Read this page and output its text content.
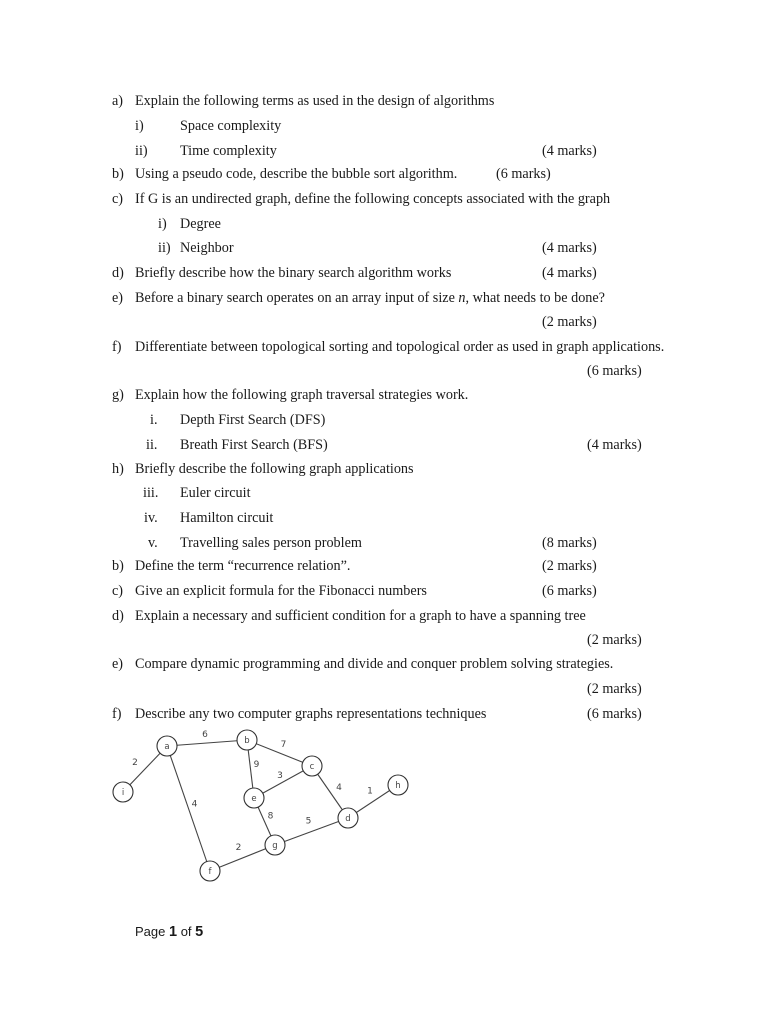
a) Explain the following terms as used in the design of algorithms
i)	Space complexity
ii) Time complexity	(4 marks)
b) Using a pseudo code, describe the bubble sort algorithm.	(6 marks)
c) If G is an undirected graph, define the following concepts associated with the graph
i) Degree
ii) Neighbor	(4 marks)
d) Briefly describe how the binary search algorithm works	(4 marks)
e) Before a binary search operates on an array input of size n, what needs to be done?
(2 marks)
f) Differentiate between topological sorting and topological order as used in graph applications.
(6 marks)
g) Explain how the following graph traversal strategies work.
i. Depth First Search (DFS)
ii. Breath First Search (BFS)	(4 marks)
h) Briefly describe the following graph applications
iii. Euler circuit
iv. Hamilton circuit
v. Travelling sales person problem	(8 marks)
b) Define the term “recurrence relation”.	(2 marks)
c) Give an explicit formula for the Fibonacci numbers	(6 marks)
d) Explain a necessary and sufficient condition for a graph to have a spanning tree
(2 marks)
e) Compare dynamic programming and divide and conquer problem solving strategies.
(2 marks)
f) Describe any two computer graphs representations techniques	(6 marks)
6
7
2	9
3
4
4	1
8	5
2
a
b
c
i
e
h
d
g
f
Page 1 of 5
